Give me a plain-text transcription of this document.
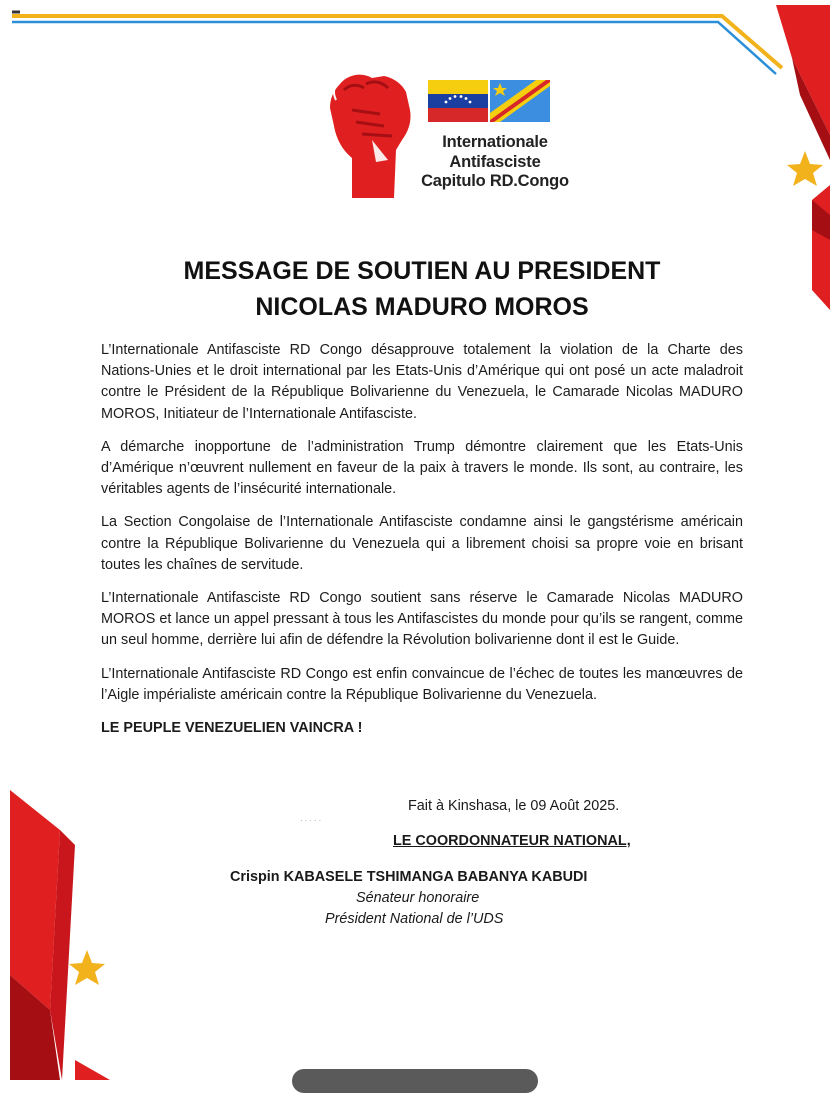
Internationale
Antifasciste
Capitulo RD.Congo
MESSAGE DE SOUTIEN AU PRESIDENT
NICOLAS MADURO MOROS

L’Internationale Antifasciste RD Congo désapprouve totalement la violation de la Charte des Nations-Unies et le droit international par les Etats-Unis d’Amérique qui ont posé un acte maladroit contre le Président de la République Bolivarienne du Venezuela, le Camarade Nicolas MADURO MOROS, Initiateur de l’Internationale Antifasciste.

A démarche inopportune de l’administration Trump démontre clairement que les Etats-Unis d’Amérique n’œuvrent nullement en faveur de la paix à travers le monde. Ils sont, au contraire, les véritables agents de l’insécurité internationale.

La Section Congolaise de l’Internationale Antifasciste condamne ainsi le gangstérisme américain contre la République Bolivarienne du Venezuela qui a librement choisi sa propre voie en brisant toutes les chaînes de servitude.

L’Internationale Antifasciste RD Congo soutient sans réserve le Camarade Nicolas MADURO MOROS et lance un appel pressant à tous les Antifascistes du monde pour qu’ils se rangent, comme un seul homme, derrière lui afin de défendre la Révolution bolivarienne dont il est le Guide.

L’Internationale Antifasciste RD Congo est enfin convaincue de l’échec de toutes les manœuvres de l’Aigle impérialiste américain contre la République Bolivarienne du Venezuela.

LE PEUPLE VENEZUELIEN VAINCRA !

·····
Fait à Kinshasa, le 09 Août 2025.
LE COORDONNATEUR NATIONAL,
Crispin KABASELE TSHIMANGA BABANYA KABUDI
Sénateur honoraire
Président National de l’UDS
